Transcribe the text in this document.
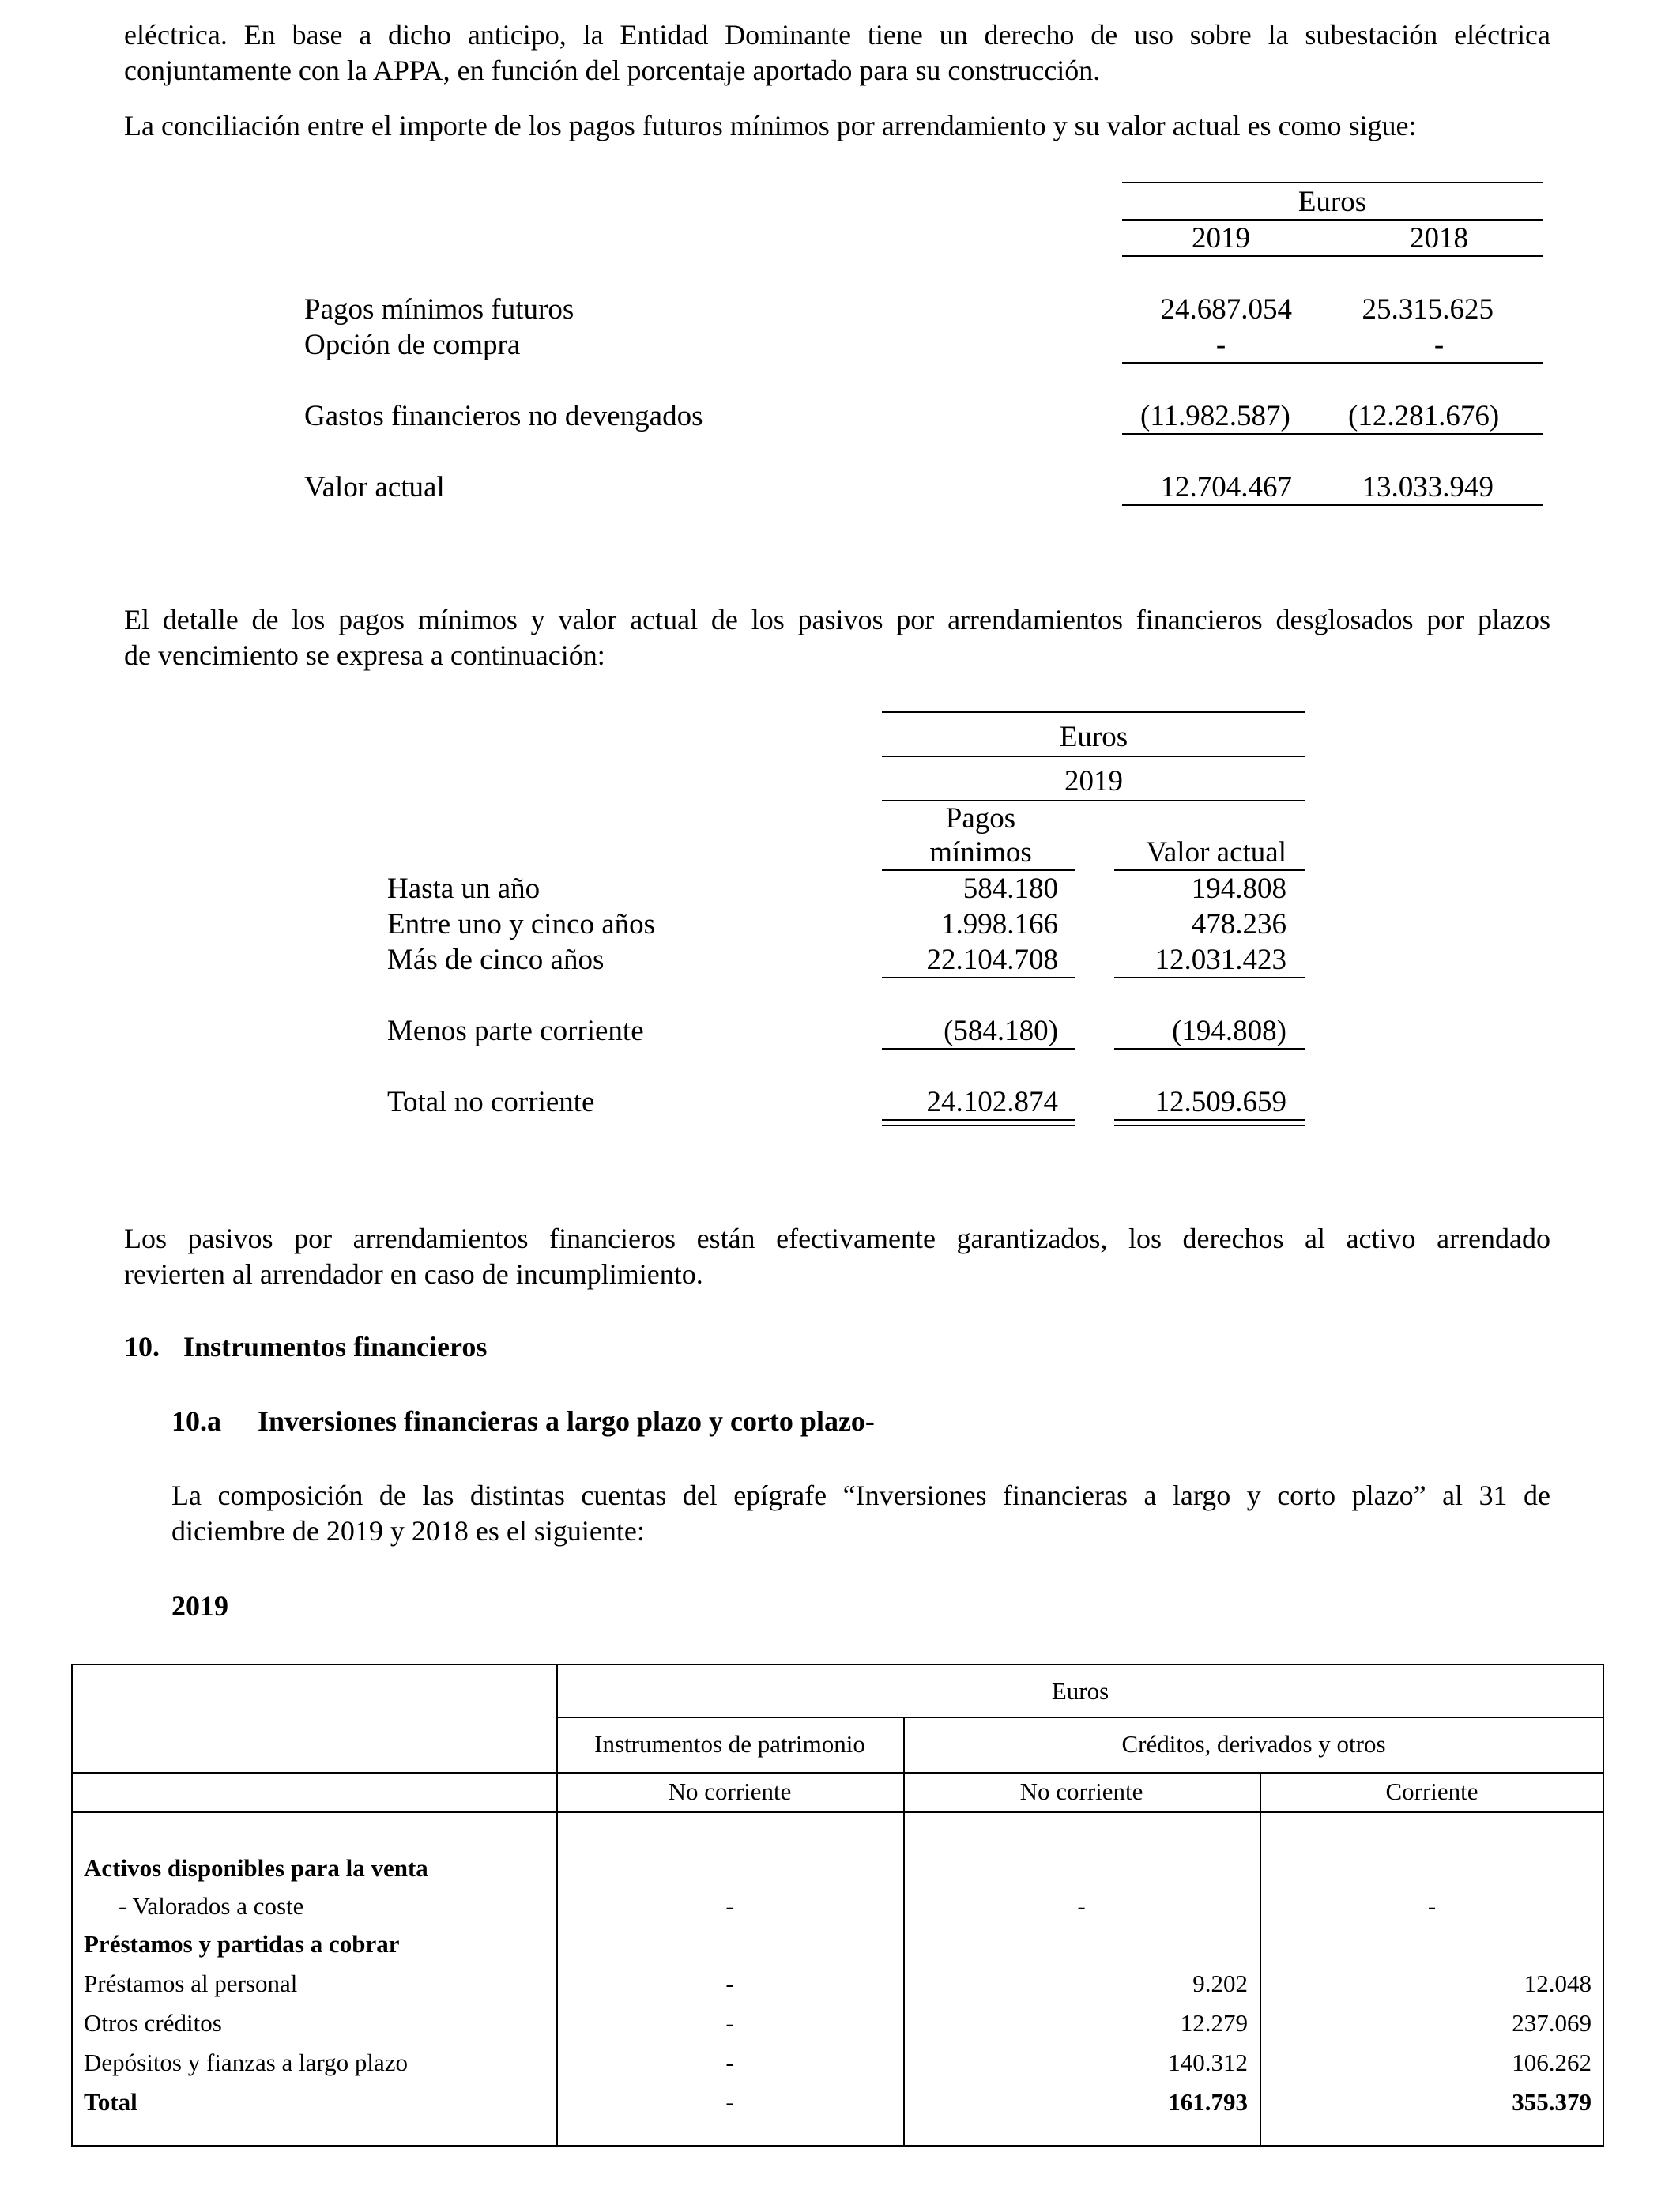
eléctrica. En base a dicho anticipo, la Entidad Dominante tiene un derecho de uso sobre la subestación eléctrica
conjuntamente con la APPA, en función del porcentaje aportado para su construcción.
La conciliación entre el importe de los pagos futuros mínimos por arrendamiento y su valor actual es como sigue:
Euros
2019	2018
Pagos mínimos futuros	24.687.054	25.315.625
Opción de compra	-	-
Gastos financieros no devengados	(11.982.587) (12.281.676)
Valor actual	12.704.467	13.033.949
El detalle de los pagos mínimos y valor actual de los pasivos por arrendamientos financieros desglosados por plazos
de vencimiento se expresa a continuación:
Euros
2019
Pagos
mínimos	Valor actual
Hasta un año	584.180	194.808
Entre uno y cinco años	1.998.166	478.236
Más de cinco años	22.104.708	12.031.423
Menos parte corriente	(584.180)	(194.808)
Total no corriente	24.102.874	12.509.659
Los pasivos por arrendamientos financieros están efectivamente garantizados, los derechos al activo arrendado
revierten al arrendador en caso de incumplimiento.
10. Instrumentos financieros
10.a Inversiones financieras a largo plazo y corto plazo-
La composición de las distintas cuentas del epígrafe “Inversiones financieras a largo y corto plazo” al 31 de
diciembre de 2019 y 2018 es el siguiente:
2019
Euros
Instrumentos de patrimonio	Créditos, derivados y otros
No corriente	No corriente	Corriente
Activos disponibles para la venta
- Valorados a coste	-	-	-
Préstamos y partidas a cobrar
Préstamos al personal	-	9.202	12.048
Otros créditos	-	12.279	237.069
Depósitos y fianzas a largo plazo	-	140.312	106.262
Total	-	161.793	355.379
